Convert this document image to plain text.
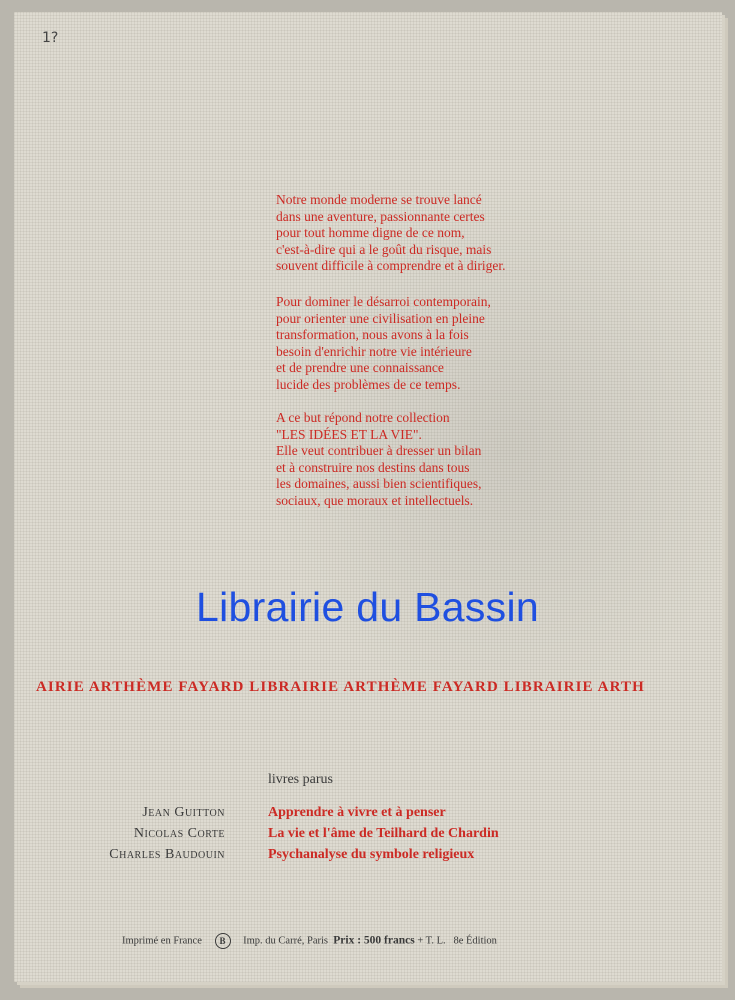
1?

Notre monde moderne se trouve lancé
dans une aventure, passionnante certes
pour tout homme digne de ce nom,
c'est-à-dire qui a le goût du risque, mais
souvent difficile à comprendre et à diriger.

Pour dominer le désarroi contemporain,
pour orienter une civilisation en pleine
transformation, nous avons à la fois
besoin d'enrichir notre vie intérieure
et de prendre une connaissance
lucide des problèmes de ce temps.

A ce but répond notre collection
"LES IDÉES ET LA VIE".
Elle veut contribuer à dresser un bilan
et à construire nos destins dans tous
les domaines, aussi bien scientifiques,
sociaux, que moraux et intellectuels.

AIRIE ARTHÈME FAYARD LIBRAIRIE ARTHÈME FAYARD LIBRAIRIE ARTH
Librairie du Bassin
livres parus
Jean Guitton	Apprendre à vivre et à penser
Nicolas Corte	La vie et l'âme de Teilhard de Chardin
Charles Baudouin	Psychanalyse du symbole religieux
Imprimé en France B Imp. du Carré, Paris Prix : 500 francs + T. L. 8e Édition
